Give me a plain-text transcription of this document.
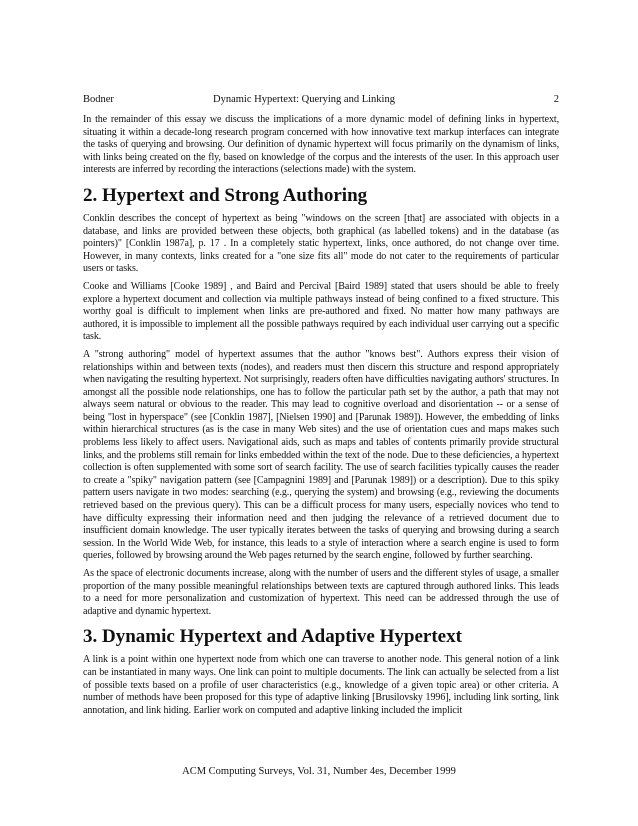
Bodner	Dynamic Hypertext: Querying and Linking	2

In the remainder of this essay we discuss the implications of a more dynamic model of defining links in hypertext, situating it within a decade-long research program concerned with how innovative text markup interfaces can integrate the tasks of querying and browsing. Our definition of dynamic hypertext will focus primarily on the dynamism of links, with links being created on the fly, based on knowledge of the corpus and the interests of the user. In this approach user interests are inferred by recording the interactions (selections made) with the system.

2. Hypertext and Strong Authoring

Conklin describes the concept of hypertext as being "windows on the screen [that] are associated with objects in a database, and links are provided between these objects, both graphical (as labelled tokens) and in the database (as pointers)" [Conklin 1987a], p. 17 . In a completely static hypertext, links, once authored, do not change over time. However, in many contexts, links created for a "one size fits all" mode do not cater to the requirements of particular users or tasks.

Cooke and Williams [Cooke 1989] , and Baird and Percival [Baird 1989] stated that users should be able to freely explore a hypertext document and collection via multiple pathways instead of being confined to a fixed structure. This worthy goal is difficult to implement when links are pre-authored and fixed. No matter how many pathways are authored, it is impossible to implement all the possible pathways required by each individual user carrying out a specific task.

A "strong authoring" model of hypertext assumes that the author "knows best". Authors express their vision of relationships within and between texts (nodes), and readers must then discern this structure and respond appropriately when navigating the resulting hypertext. Not surprisingly, readers often have difficulties navigating authors' structures. In amongst all the possible node relationships, one has to follow the particular path set by the author, a path that may not always seem natural or obvious to the reader. This may lead to cognitive overload and disorientation -- or a sense of being "lost in hyperspace" (see [Conklin 1987], [Nielsen 1990] and [Parunak 1989]). However, the embedding of links within hierarchical structures (as is the case in many Web sites) and the use of orientation cues and maps makes such problems less likely to affect users. Navigational aids, such as maps and tables of contents primarily provide structural links, and the problems still remain for links embedded within the text of the node. Due to these deficiencies, a hypertext collection is often supplemented with some sort of search facility. The use of search facilities typically causes the reader to create a "spiky" navigation pattern (see [Campagnini 1989] and [Parunak 1989]) or a description). Due to this spiky pattern users navigate in two modes: searching (e.g., querying the system) and browsing (e.g., reviewing the documents retrieved based on the previous query). This can be a difficult process for many users, especially novices who tend to have difficulty expressing their information need and then judging the relevance of a retrieved document due to insufficient domain knowledge. The user typically iterates between the tasks of querying and browsing during a search session. In the World Wide Web, for instance, this leads to a style of interaction where a search engine is used to form queries, followed by browsing around the Web pages returned by the search engine, followed by further searching.

As the space of electronic documents increase, along with the number of users and the different styles of usage, a smaller proportion of the many possible meaningful relationships between texts are captured through authored links. This leads to a need for more personalization and customization of hypertext. This need can be addressed through the use of adaptive and dynamic hypertext.

3. Dynamic Hypertext and Adaptive Hypertext

A link is a point within one hypertext node from which one can traverse to another node. This general notion of a link can be instantiated in many ways. One link can point to multiple documents. The link can actually be selected from a list of possible texts based on a profile of user characteristics (e.g., knowledge of a given topic area) or other criteria. A number of methods have been proposed for this type of adaptive linking [Brusilovsky 1996], including link sorting, link annotation, and link hiding. Earlier work on computed and adaptive linking included the implicit

ACM Computing Surveys, Vol. 31, Number 4es, December 1999
